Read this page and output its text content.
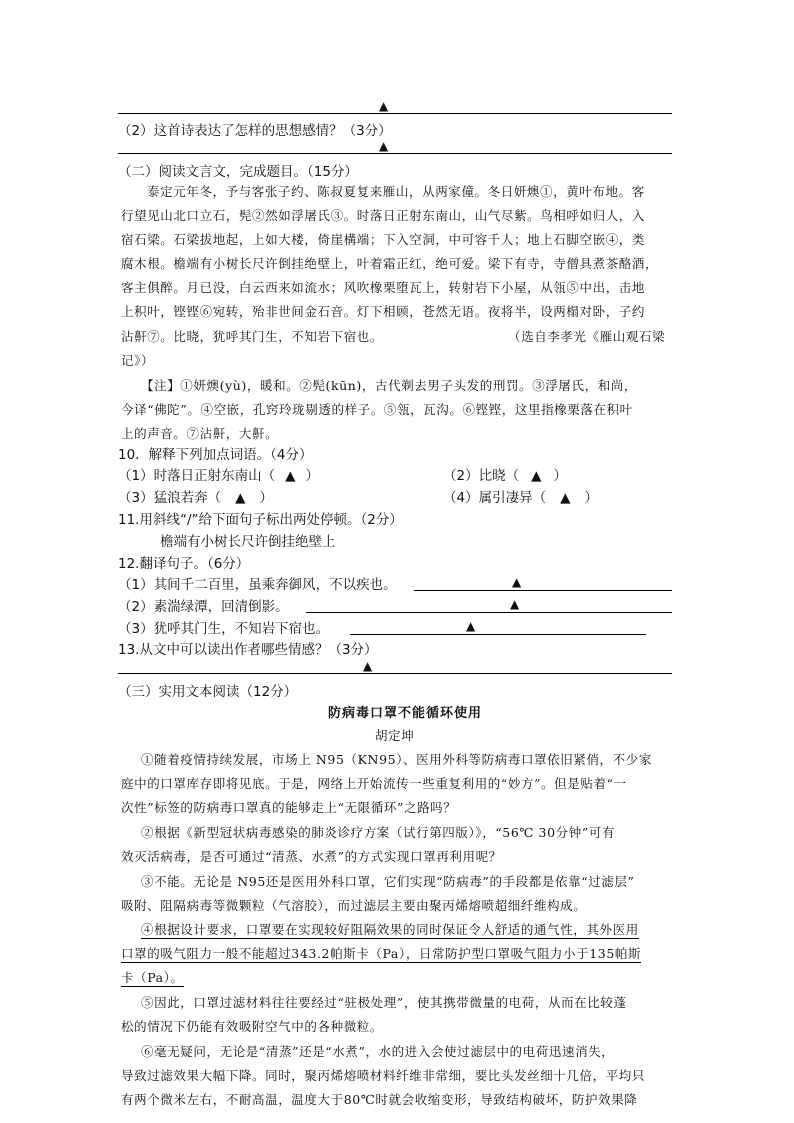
▲
（2）这首诗表达了怎样的思想感情？（3分）
▲
（二）阅读文言文，完成题目。（15分）
泰定元年冬，予与客张子约、陈叔夏复来雁山，从两家僮。冬日妍燠①，黄叶布地。客
行望见山北口立石，髡②然如浮屠氏③。时落日正射东南山，山气尽紫。鸟相呼如归人，入
宿石梁。石梁拔地起，上如大楼，倚崖構端；下入空洞，中可容千人；地上石脚空嵌④，类
腐木根。檐端有小树长尺许倒挂绝壁上，叶着霜正红，绝可爱。梁下有寺，寺僧具煮茶酪酒，
客主俱醉。月已没，白云西来如流水；风吹橡栗堕瓦上，转射岩下小屋，从瓴⑤中出，击地
上积叶，铿铿⑥宛转，殆非世间金石音。灯下相顾，苍然无语。夜将半，设两榻对卧，子约
沾鼾⑦。比晓，犹呼其门生，不知岩下宿也。	（选自李孝光《雁山观石梁
记》）
【注】①妍燠(yù)，暖和。②髡(kūn)，古代剃去男子头发的刑罚。③浮屠氏，和尚，
今译“佛陀”。④空嵌，孔窍玲珑剔透的样子。⑤瓴，瓦沟。⑥铿铿，这里指橡栗落在积叶
上的声音。⑦沾鼾，大鼾。
10．解释下列加点词语。（4分）
（1）时落日正射东南山（ ▲ ）	（2）比晓（ ▲ ）
（3）猛浪若奔（ ▲ ）	（4）属引凄异（ ▲ ）
11.用斜线“/”给下面句子标出两处停顿。（2分）
檐端有小树长尺许倒挂绝壁上
12.翻译句子。（6分）
（1）其间千二百里，虽乘奔御风，不以疾也。	▲
（2）素湍绿潭，回清倒影。	▲
（3）犹呼其门生，不知岩下宿也。	▲
13.从文中可以读出作者哪些情感？（3分）
▲
（三）实用文本阅读（12分）
防病毒口罩不能循环使用
胡定坤
①随着疫情持续发展，市场上 N95（KN95）、医用外科等防病毒口罩依旧紧俏，不少家
庭中的口罩库存即将见底。于是，网络上开始流传一些重复利用的“妙方”。但是贴着“一
次性”标签的防病毒口罩真的能够走上“无限循环”之路吗？
②根据《新型冠状病毒感染的肺炎诊疗方案（试行第四版）》，“56℃ 30分钟”可有
效灭活病毒，是否可通过“清蒸、水煮”的方式实现口罩再利用呢？
③不能。无论是 N95还是医用外科口罩，它们实现“防病毒”的手段都是依靠“过滤层”
吸附、阻隔病毒等微颗粒（气溶胶），而过滤层主要由聚丙烯熔喷超细纤维构成。
④根据设计要求，口罩要在实现较好阻隔效果的同时保证令人舒适的通气性，其外医用
口罩的吸气阻力一般不能超过343.2帕斯卡（Pa），日常防护型口罩吸气阻力小于135帕斯
卡（Pa）。
⑤因此，口罩过滤材料往往要经过“驻极处理”，使其携带微量的电荷，从而在比较蓬
松的情况下仍能有效吸附空气中的各种微粒。
⑥毫无疑问，无论是“清蒸”还是“水煮”，水的进入会使过滤层中的电荷迅速消失，
导致过滤效果大幅下降。同时，聚丙烯熔喷材料纤维非常细，要比头发丝细十几倍，平均只
有两个微米左右，不耐高温，温度大于80℃时就会收缩变形，导致结构破坏，防护效果降
